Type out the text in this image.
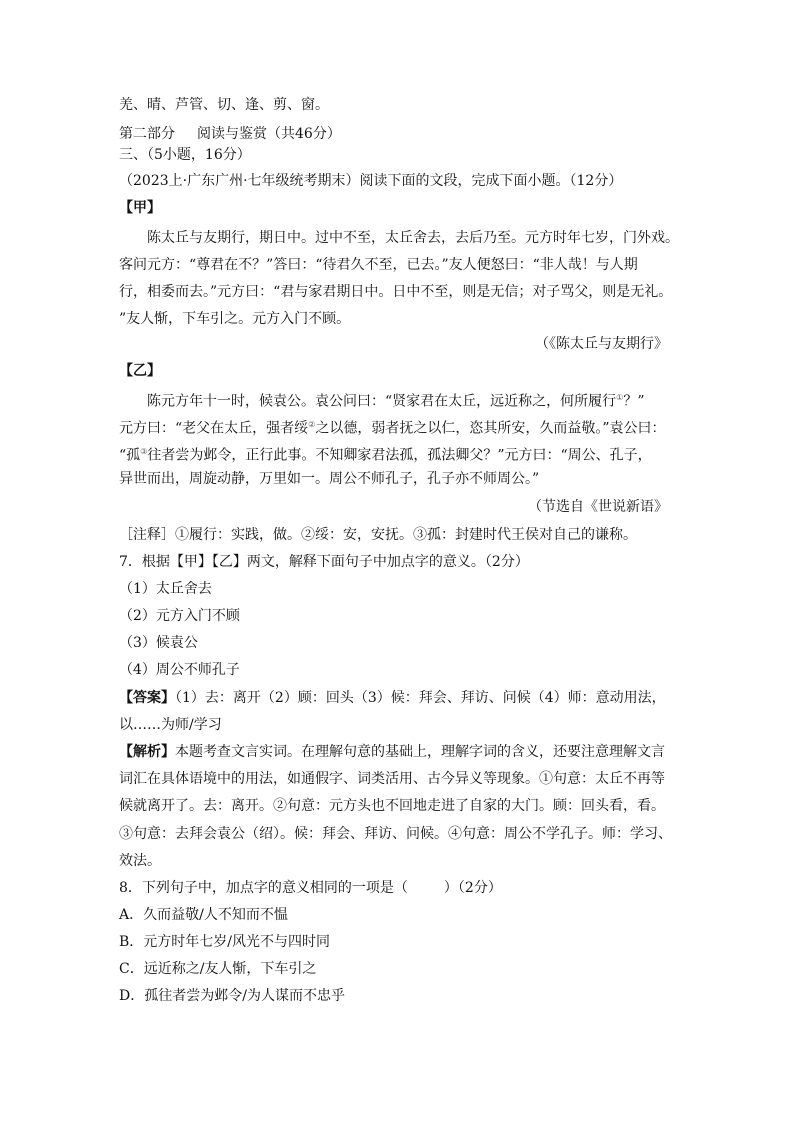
羌、晴、芦管、切、逢、剪、窗。
第二部分 阅读与鉴赏（共46分）
三、（5小题，16分）
（2023上·广东广州·七年级统考期末）阅读下面的文段，完成下面小题。（12分）
【甲】
陈太丘与友期行，期日中。过中不至，太丘舍去，去后乃至。元方时年七岁，门外戏。
客问元方：“尊君在不？”答曰：“待君久不至，已去。”友人便怒曰：“非人哉！与人期
行，相委而去。”元方曰：“君与家君期日中。日中不至，则是无信；对子骂父，则是无礼。
”友人惭，下车引之。元方入门不顾。
（《陈太丘与友期行》
【乙】
陈元方年十一时，候袁公。袁公问曰：“贤家君在太丘，远近称之，何所履行①？”
元方曰：“老父在太丘，强者绥②之以德，弱者抚之以仁，恣其所安，久而益敬。”袁公曰：
“孤③往者尝为邺令，正行此事。不知卿家君法孤，孤法卿父？”元方曰：“周公、孔子，
异世而出，周旋动静，万里如一。周公不师孔子，孔子亦不师周公。”
（节选自《世说新语》
［注释］①履行：实践，做。②绥：安，安抚。③孤：封建时代王侯对自己的谦称。
7．根据【甲】【乙】两文，解释下面句子中加点字的意义。（2分）
（1）太丘舍去
（2）元方入门不顾
（3）候袁公
（4）周公不师孔子
【答案】（1）去：离开（2）顾：回头（3）候：拜会、拜访、问候（4）师：意动用法，
以……为师/学习
【解析】本题考查文言实词。在理解句意的基础上，理解字词的含义，还要注意理解文言
词汇在具体语境中的用法，如通假字、词类活用、古今异义等现象。①句意：太丘不再等
候就离开了。去：离开。②句意：元方头也不回地走进了自家的大门。顾：回头看，看。
③句意：去拜会袁公（绍）。候：拜会、拜访、问候。④句意：周公不学孔子。师：学习、
效法。
8．下列句子中，加点字的意义相同的一项是（	）（2分）
A．久而益敬/人不知而不愠
B．元方时年七岁/风光不与四时同
C．远近称之/友人惭，下车引之
D．孤往者尝为邺令/为人谋而不忠乎
